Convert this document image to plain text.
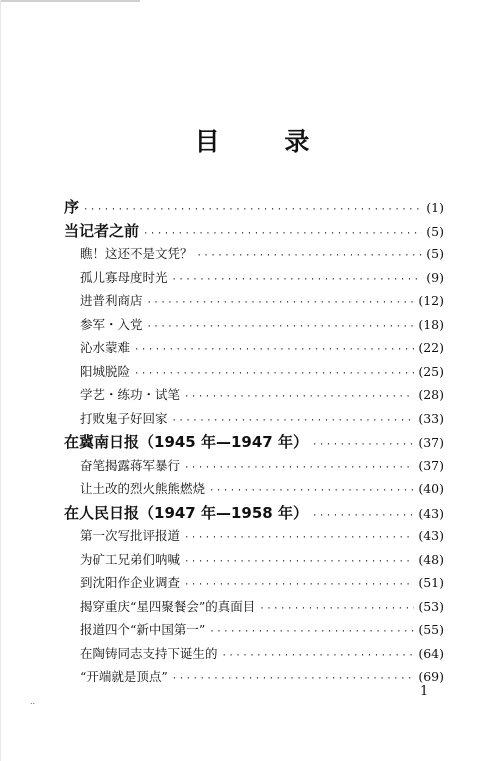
目 录
序 ·····	(1)
当记者之前 ·····	(5)
瞧！这还不是文凭？ ·····	(5)
孤儿寡母度时光 ·····	(9)
进普利商店 ·····	(12)
参军・入党 ·····	(18)
沁水蒙难 ·····	(22)
阳城脱险 ·····	(25)
学艺・练功・试笔 ·····	(28)
打败鬼子好回家 ·····	(33)
在冀南日报（1945 年—1947 年） ·····	(37)
奋笔揭露蒋军暴行 ·····	(37)
让土改的烈火熊熊燃烧 ·····	(40)
在人民日报（1947 年—1958 年） ·····	(43)
第一次写批评报道 ·····	(43)
为矿工兄弟们呐喊 ·····	(48)
到沈阳作企业调查 ·····	(51)
揭穿重庆“星四聚餐会”的真面目 ·····	(53)
报道四个“新中国第一” ·····	(55)
在陶铸同志支持下诞生的 ·····	(64)
“开端就是顶点” ·····	(69)
..
1
